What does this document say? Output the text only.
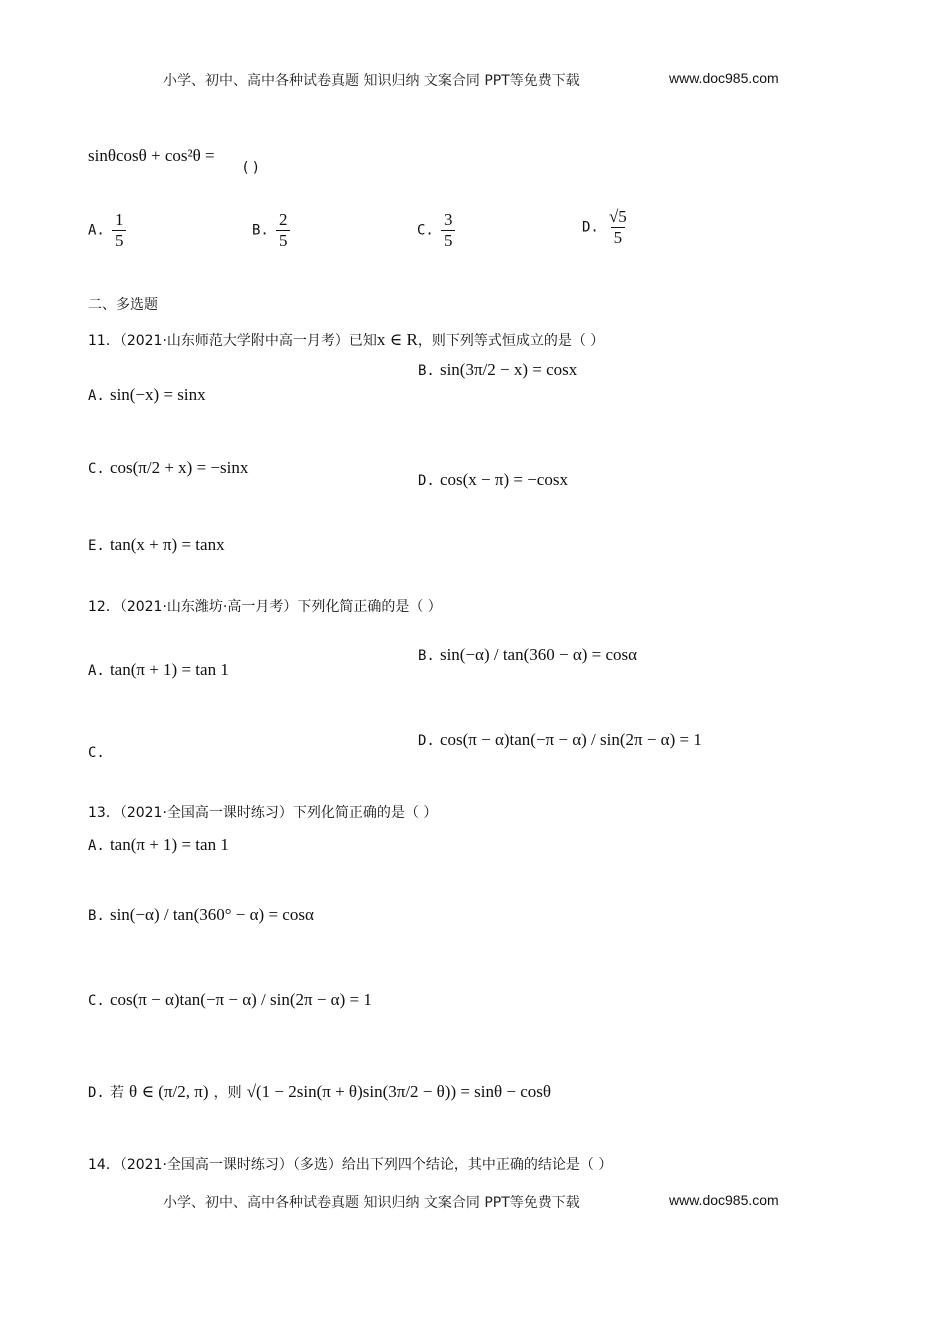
小学、初中、高中各种试卷真题 知识归纳 文案合同 PPT等免费下载	www.doc985.com
sinθcosθ + cos²θ =
( )
A. $\frac{1}{5}$	B. $\frac{2}{5}$	C. $\frac{3}{5}$	D. $\frac{√5}{5}$
二、多选题
11．（2021·山东师范大学附中高一月考）已知x ∈ R，则下列等式恒成立的是（ ）
A. sin(−x) = sinx
B. sin(3π/2 − x) = cosx
C. cos(π/2 + x) = −sinx
D. cos(x − π) = −cosx
E. tan(x + π) = tanx
12．（2021·山东潍坊·高一月考）下列化简正确的是（ ）
A. tan(π + 1) = tan 1
B. sin(−α) / tan(360 − α) = cosα
C.
D. cos(π − α)tan(−π − α) / sin(2π − α) = 1
13．（2021·全国高一课时练习）下列化简正确的是（ ）
A. tan(π + 1) = tan 1
B. sin(−α) / tan(360° − α) = cosα
C. cos(π − α)tan(−π − α) / sin(2π − α) = 1
D. 若 θ ∈ (π/2, π) ，则 √(1 − 2sin(π + θ)sin(3π/2 − θ)) = sinθ − cosθ
14．（2021·全国高一课时练习）（多选）给出下列四个结论，其中正确的结论是（ ）
小学、初中、高中各种试卷真题 知识归纳 文案合同 PPT等免费下载	www.doc985.com
